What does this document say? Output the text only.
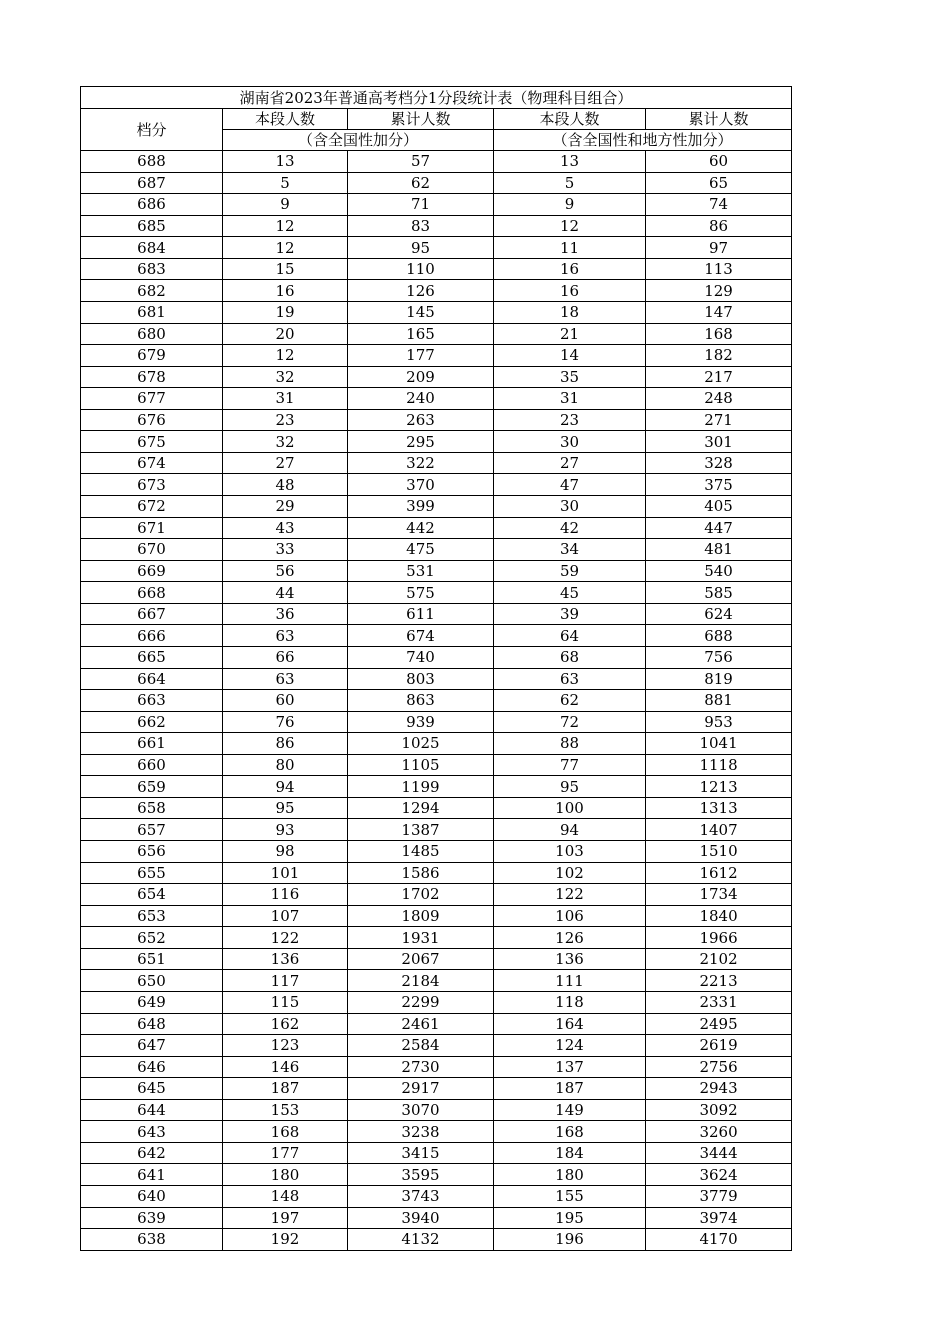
湖南省2023年普通高考档分1分段统计表（物理科目组合）				
档分	本段人数	累计人数	本段人数	累计人数
	（含全国性加分）		（含全国性和地方性加分）	
688	13	57	13	60
687	5	62	5	65
686	9	71	9	74
685	12	83	12	86
684	12	95	11	97
683	15	110	16	113
682	16	126	16	129
681	19	145	18	147
680	20	165	21	168
679	12	177	14	182
678	32	209	35	217
677	31	240	31	248
676	23	263	23	271
675	32	295	30	301
674	27	322	27	328
673	48	370	47	375
672	29	399	30	405
671	43	442	42	447
670	33	475	34	481
669	56	531	59	540
668	44	575	45	585
667	36	611	39	624
666	63	674	64	688
665	66	740	68	756
664	63	803	63	819
663	60	863	62	881
662	76	939	72	953
661	86	1025	88	1041
660	80	1105	77	1118
659	94	1199	95	1213
658	95	1294	100	1313
657	93	1387	94	1407
656	98	1485	103	1510
655	101	1586	102	1612
654	116	1702	122	1734
653	107	1809	106	1840
652	122	1931	126	1966
651	136	2067	136	2102
650	117	2184	111	2213
649	115	2299	118	2331
648	162	2461	164	2495
647	123	2584	124	2619
646	146	2730	137	2756
645	187	2917	187	2943
644	153	3070	149	3092
643	168	3238	168	3260
642	177	3415	184	3444
641	180	3595	180	3624
640	148	3743	155	3779
639	197	3940	195	3974
638	192	4132	196	4170
